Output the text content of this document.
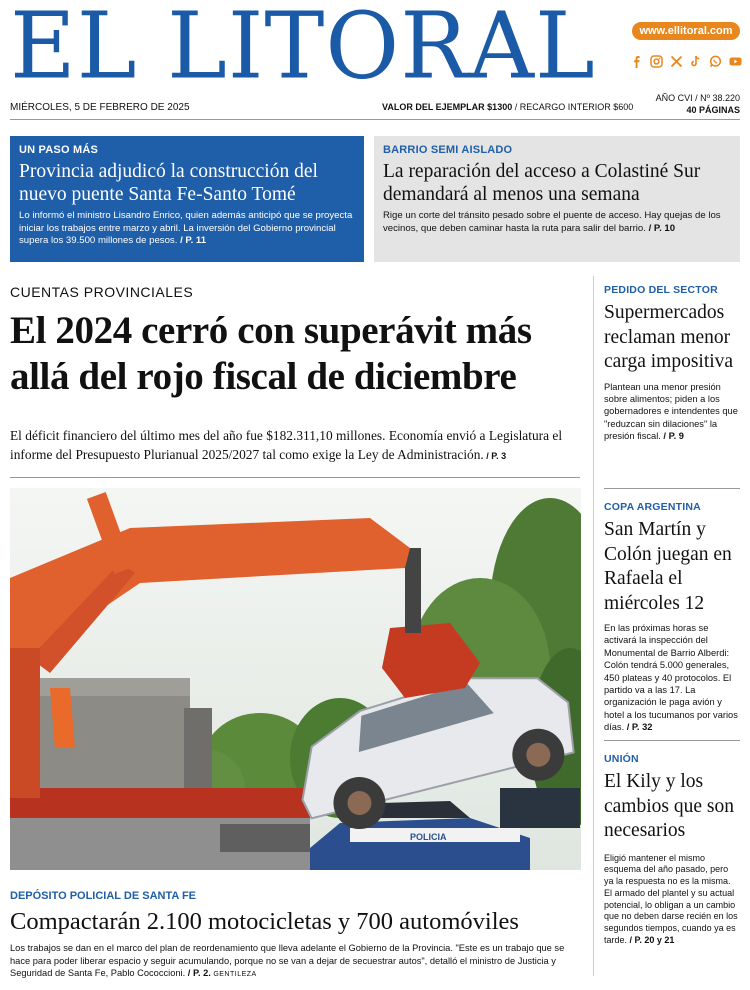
EL LITORAL	www.ellitoral.com
MIÉRCOLES, 5 DE FEBRERO DE 2025	VALOR DEL EJEMPLAR $1300 / RECARGO INTERIOR $600
AÑO CVI / Nº 38.220
40 PÁGINAS
UN PASO MÁS
Provincia adjudicó la construcción del nuevo puente Santa Fe-Santo Tomé
Lo informó el ministro Lisandro Enrico, quien además anticipó que se proyecta iniciar los trabajos entre marzo y abril. La inversión del Gobierno provincial supera los 39.500 millones de pesos. / P. 11
BARRIO SEMI AISLADO
La reparación del acceso a Colastiné Sur demandará al menos una semana
Rige un corte del tránsito pesado sobre el puente de acceso. Hay quejas de los vecinos, que deben caminar hasta la ruta para salir del barrio. / P. 10
CUENTAS PROVINCIALES
El 2024 cerró con superávit más allá del rojo fiscal de diciembre
El déficit financiero del último mes del año fue $182.311,10 millones. Economía envió a Legislatura el informe del Presupuesto Plurianual 2025/2027 tal como exige la Ley de Administración. / P. 3
POLICIA
DEPÓSITO POLICIAL DE SANTA FE
Compactarán 2.100 motocicletas y 700 automóviles
Los trabajos se dan en el marco del plan de reordenamiento que lleva adelante el Gobierno de la Provincia. "Este es un trabajo que se hace para poder liberar espacio y seguir acumulando, porque no se van a dejar de secuestrar autos", detalló el ministro de Justicia y Seguridad de Santa Fe, Pablo Cococcioni. / P. 2. GENTILEZA
PEDIDO DEL SECTOR
Supermercados reclaman menor carga impositiva
Plantean una menor presión sobre alimentos; piden a los gobernadores e intendentes que "reduzcan sin dilaciones" la presión fiscal. / P. 9
COPA ARGENTINA
San Martín y Colón juegan en Rafaela el miércoles 12
En las próximas horas se activará la inspección del Monumental de Barrio Alberdi: Colón tendrá 5.000 generales, 450 plateas y 40 protocolos. El partido va a las 17. La organización le paga avión y hotel a los tucumanos por varios días. / P. 32
UNIÓN
El Kily y los cambios que son necesarios
Eligió mantener el mismo esquema del año pasado, pero ya la respuesta no es la misma. El armado del plantel y su actual potencial, lo obligan a un cambio que no deben darse recién en los segundos tiempos, cuando ya es tarde. / P. 20 y 21
